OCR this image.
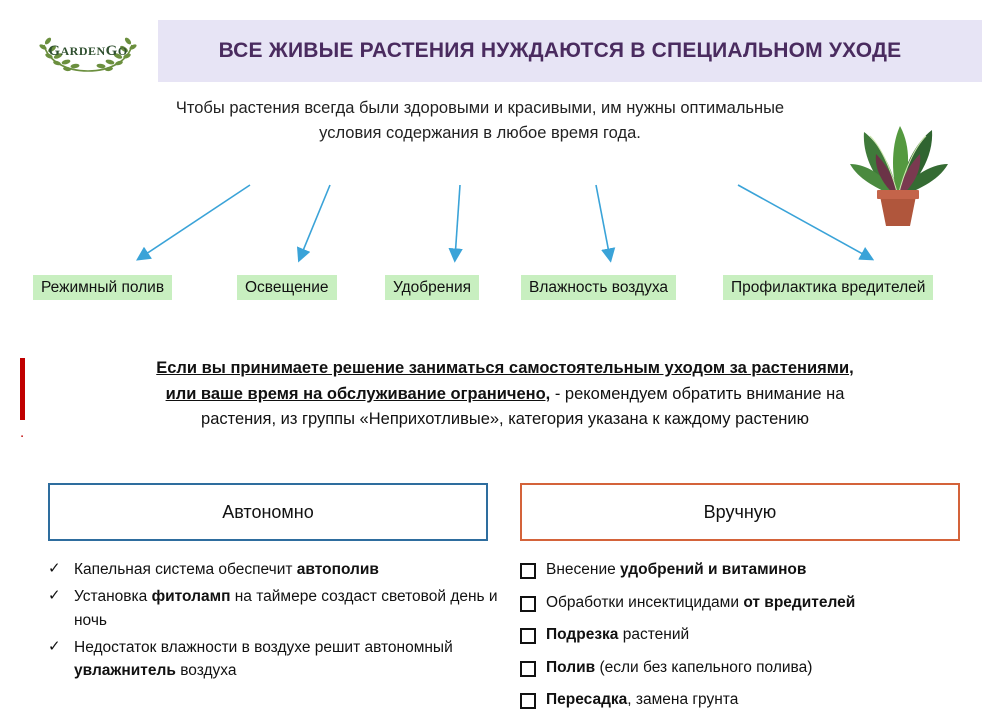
GARDENGO	ВСЕ ЖИВЫЕ РАСТЕНИЯ НУЖДАЮТСЯ В СПЕЦИАЛЬНОМ УХОДЕ
Чтобы растения всегда были здоровыми и красивыми, им нужны оптимальные условия содержания в любое время года.
Режимный полив	Освещение	Удобрения	Влажность воздуха	Профилактика вредителей
.
Если вы принимаете решение заниматься самостоятельным уходом за растениями,
или ваше время на обслуживание ограничено, - рекомендуем обратить внимание на
растения, из группы «Неприхотливые», категория указана к каждому растению
Автономно	Вручную
✓ Капельная система обеспечит автополив
✓ Установка фитоламп на таймере создаст световой день и ночь
✓ Недостаток влажности в воздухе решит автономный увлажнитель воздуха
Внесение удобрений и витаминов
Обработки инсектицидами от вредителей
Подрезка растений
Полив (если без капельного полива)
Пересадка, замена грунта
